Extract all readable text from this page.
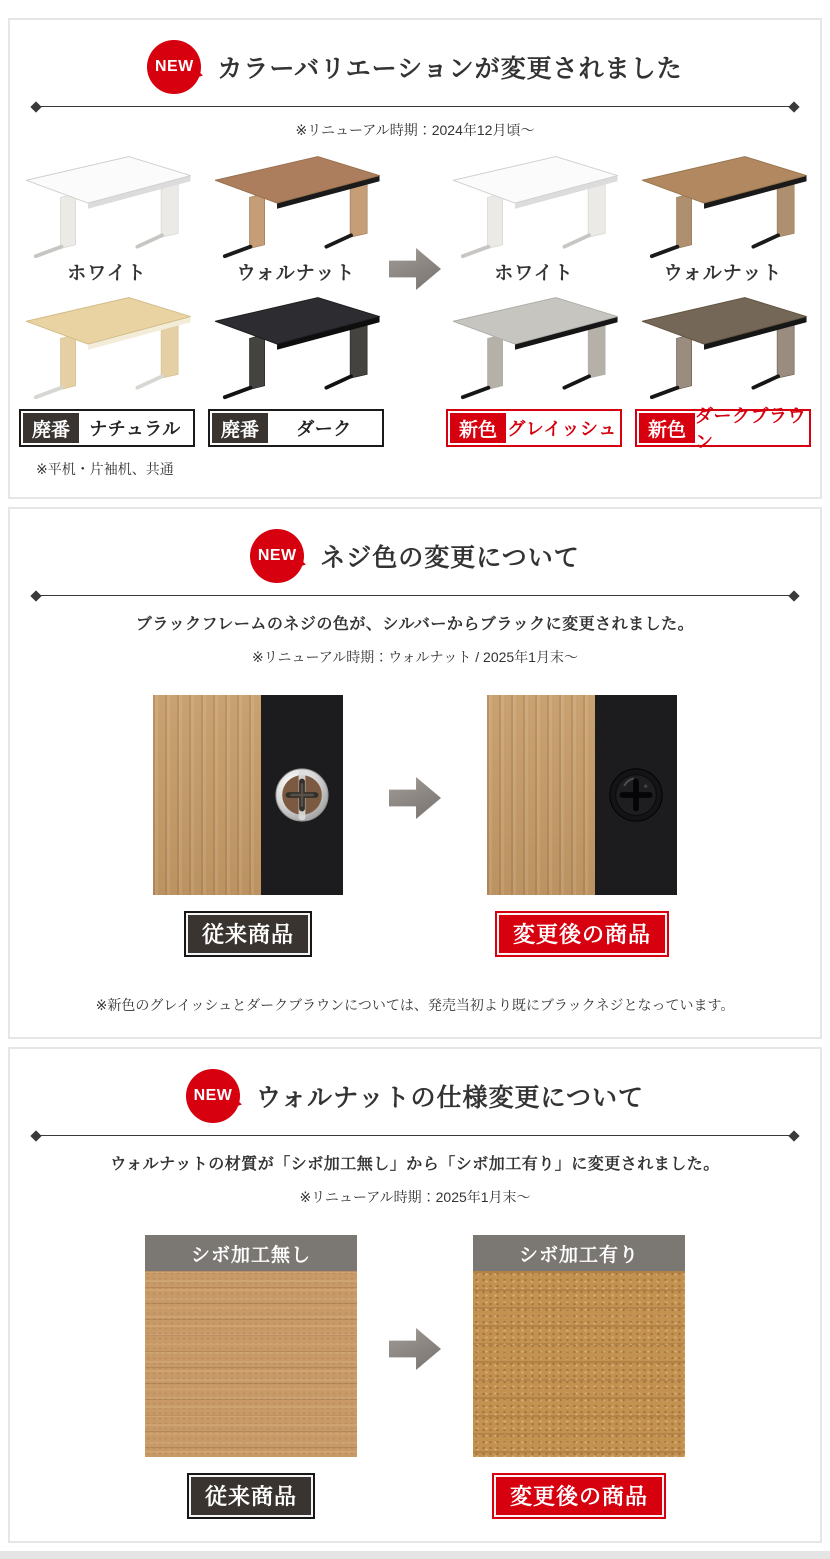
NEW カラーバリエーションが変更されました

※リニューアル時期：2024年12月頃～

ホワイト	ウォルナット
廃番	ナチュラル	廃番	ダーク
ホワイト	ウォルナット
新色 グレイッシュ	新色
ダークブラウン

※平机・片袖机、共通

NEW ネジ色の変更について

ブラックフレームのネジの色が、シルバーからブラックに変更されました。

※リニューアル時期：ウォルナット / 2025年1月末～

従来商品	変更後の商品

※新色のグレイッシュとダークブラウンについては、発売当初より既にブラックネジとなっています。

NEW ウォルナットの仕様変更について

ウォルナットの材質が「シボ加工無し」から「シボ加工有り」に変更されました。

※リニューアル時期：2025年1月末～

シボ加工無し
従来商品
シボ加工有り
変更後の商品
